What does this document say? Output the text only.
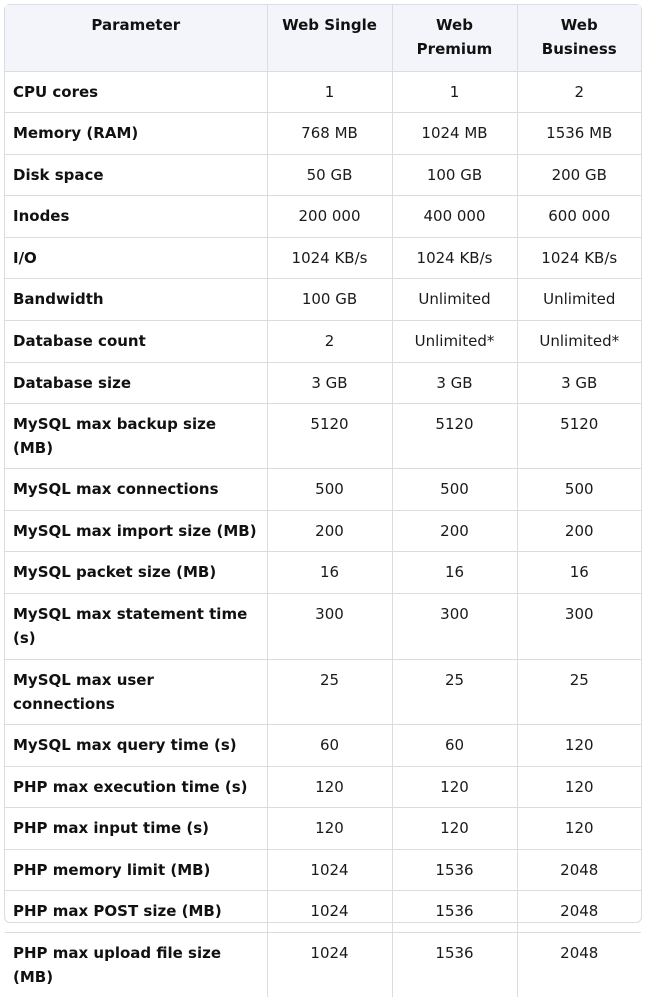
Parameter	Web Single	Web Premium	Web Business
CPU cores	1	1	2
Memory (RAM)	768 MB	1024 MB	1536 MB
Disk space	50 GB	100 GB	200 GB
Inodes	200 000	400 000	600 000
I/O	1024 KB/s	1024 KB/s	1024 KB/s
Bandwidth	100 GB	Unlimited	Unlimited
Database count	2	Unlimited*	Unlimited*
Database size	3 GB	3 GB	3 GB
MySQL max backup size (MB)	5120	5120	5120
MySQL max connections	500	500	500
MySQL max import size (MB)	200	200	200
MySQL packet size (MB)	16	16	16
MySQL max statement time (s)	300	300	300
MySQL max user connections	25	25	25
MySQL max query time (s)	60	60	120
PHP max execution time (s)	120	120	120
PHP max input time (s)	120	120	120
PHP memory limit (MB)	1024	1536	2048
PHP max POST size (MB)	1024	1536	2048
PHP max upload file size (MB)	1024	1536	2048
